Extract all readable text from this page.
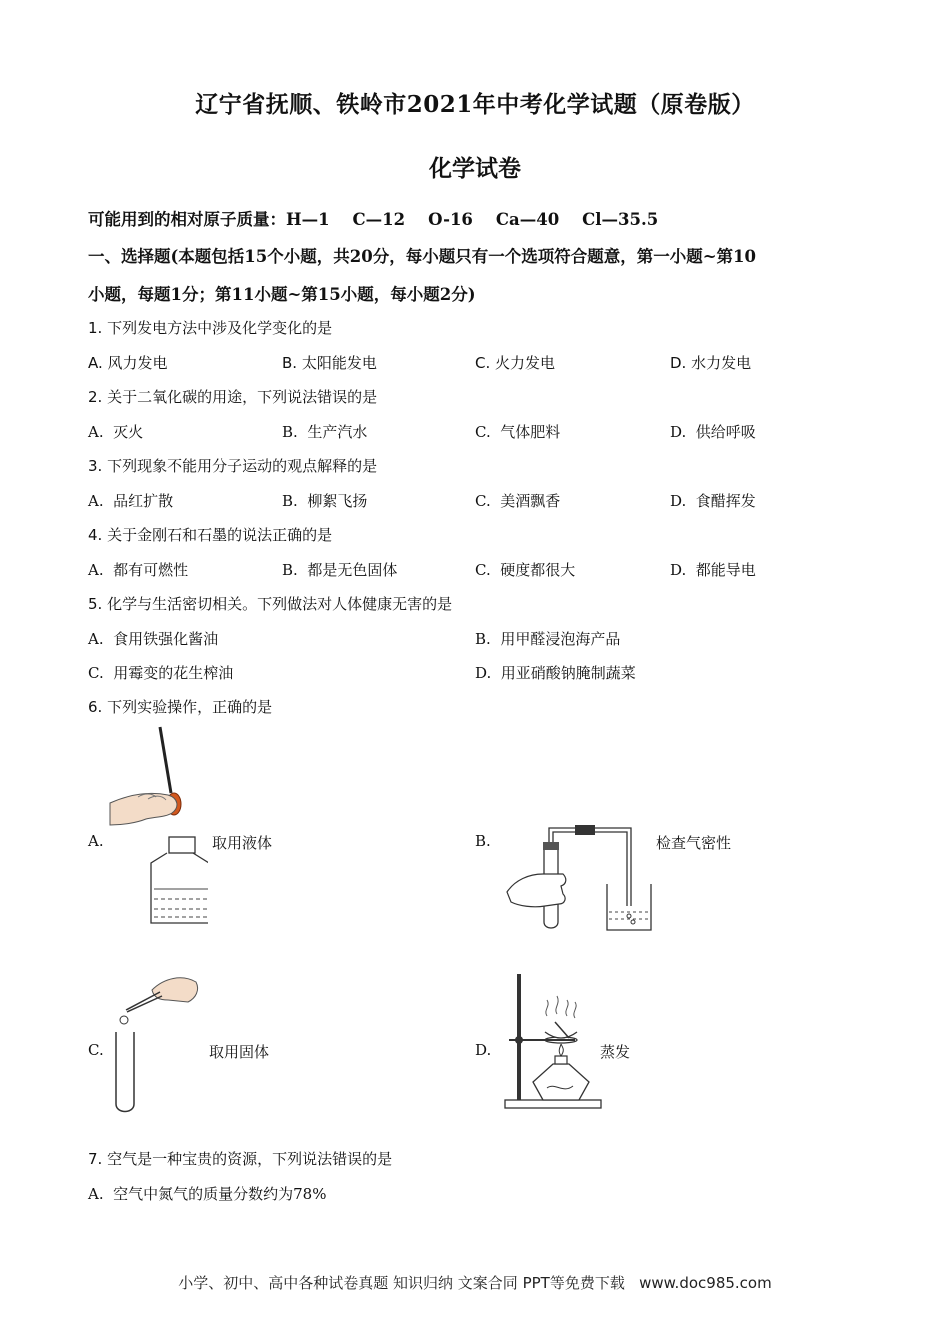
辽宁省抚顺、铁岭市2021年中考化学试题（原卷版）
化学试卷
可能用到的相对原子质量：H—1    C—12    O-16    Ca—40    Cl—35.5
一、选择题(本题包括15个小题，共20分，每小题只有一个选项符合题意，第一小题~第10
小题，每题1分；第11小题~第15小题，每小题2分)
1. 下列发电方法中涉及化学变化的是
A. 风力发电	B. 太阳能发电	C. 火力发电	D. 水力发电
2. 关于二氧化碳的用途，下列说法错误的是
A.  灭火	B.  生产汽水	C.  气体肥料	D.  供给呼吸
3. 下列现象不能用分子运动的观点解释的是
A.  品红扩散	B.  柳絮飞扬	C.  美酒飘香	D.  食醋挥发
4. 关于金刚石和石墨的说法正确的是
A.  都有可燃性	B.  都是无色固体	C.  硬度都很大	D.  都能导电
5. 化学与生活密切相关。下列做法对人体健康无害的是
A.  食用铁强化酱油	B.  用甲醛浸泡海产品
C.  用霉变的花生榨油	D.  用亚硝酸钠腌制蔬菜
6. 下列实验操作，正确的是
A.	取用液体	B.	检查气密性
C.	取用固体	D.	蒸发
7. 空气是一种宝贵的资源，下列说法错误的是
A.  空气中氮气的质量分数约为78%
小学、初中、高中各种试卷真题 知识归纳 文案合同 PPT等免费下载   www.doc985.com
